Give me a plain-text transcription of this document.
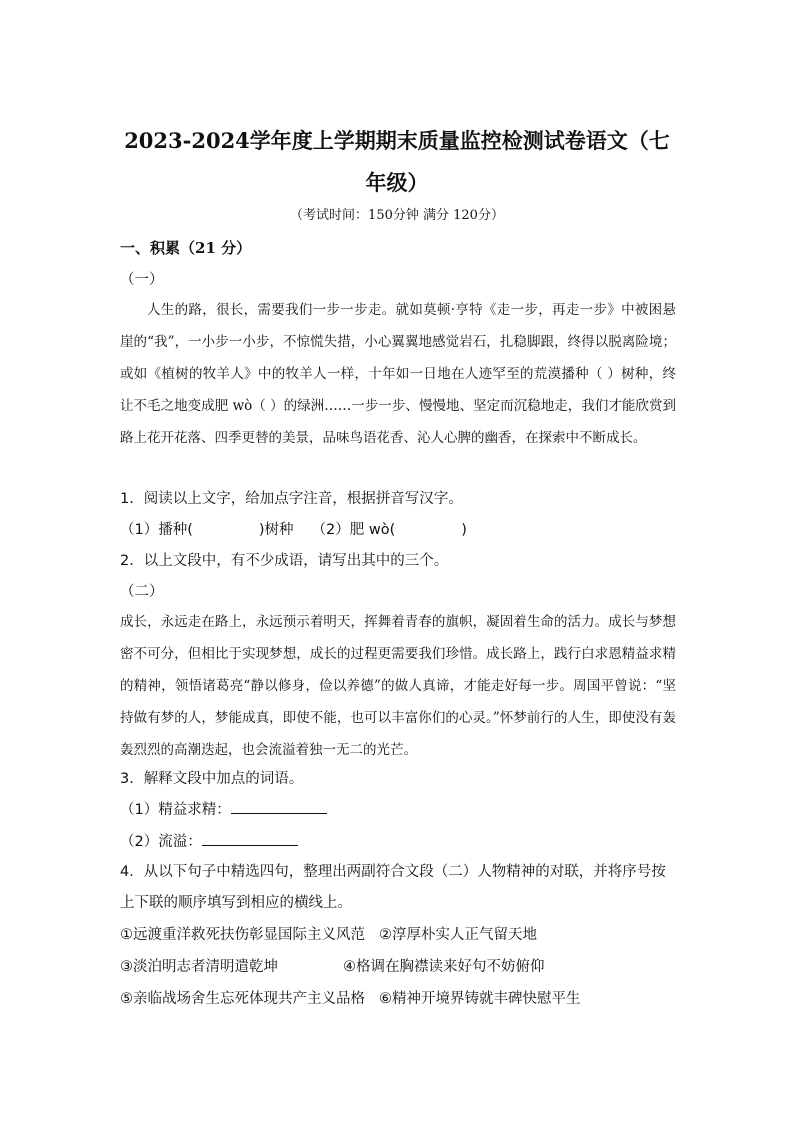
2023-2024学年度上学期期末质量监控检测试卷语文（七年级）
（考试时间：150分钟 满分 120分）
一、积累（21 分）
（一）
人生的路，很长，需要我们一步一步走。就如莫顿·亨特《走一步，再走一步》中被困悬崖的“我”，一小步一小步，不惊慌失措，小心翼翼地感觉岩石，扎稳脚跟，终得以脱离险境；或如《植树的牧羊人》中的牧羊人一样，十年如一日地在人迹罕至的荒漠播种（ ）树种，终让不毛之地变成肥 wò（ ）的绿洲……一步一步、慢慢地、坚定而沉稳地走，我们才能欣赏到路上花开花落、四季更替的美景，品味鸟语花香、沁人心脾的幽香，在探索中不断成长。
1．阅读以上文字，给加点字注音，根据拼音写汉字。
（1）播种(	)树种 （2）肥 wò(	)
2．以上文段中，有不少成语，请写出其中的三个。
（二）
成长，永远走在路上，永远预示着明天，挥舞着青春的旗帜，凝固着生命的活力。成长与梦想密不可分，但相比于实现梦想，成长的过程更需要我们珍惜。成长路上，践行白求恩精益求精的精神，领悟诸葛亮“静以修身，俭以养德”的做人真谛，才能走好每一步。周国平曾说：“坚持做有梦的人，梦能成真，即使不能，也可以丰富你们的心灵。”怀梦前行的人生，即使没有轰轰烈烈的高潮迭起，也会流溢着独一无二的光芒。
3．解释文段中加点的词语。
（1）精益求精：
（2）流溢：
4．从以下句子中精选四句，整理出两副符合文段（二）人物精神的对联，并将序号按上下联的顺序填写到相应的横线上。
①远渡重洋救死扶伤彰显国际主义风范 ②淳厚朴实人正气留天地
③淡泊明志者清明遣乾坤	④格调在胸襟读来好句不妨俯仰
⑤亲临战场舍生忘死体现共产主义品格 ⑥精神开境界铸就丰碑快慰平生
